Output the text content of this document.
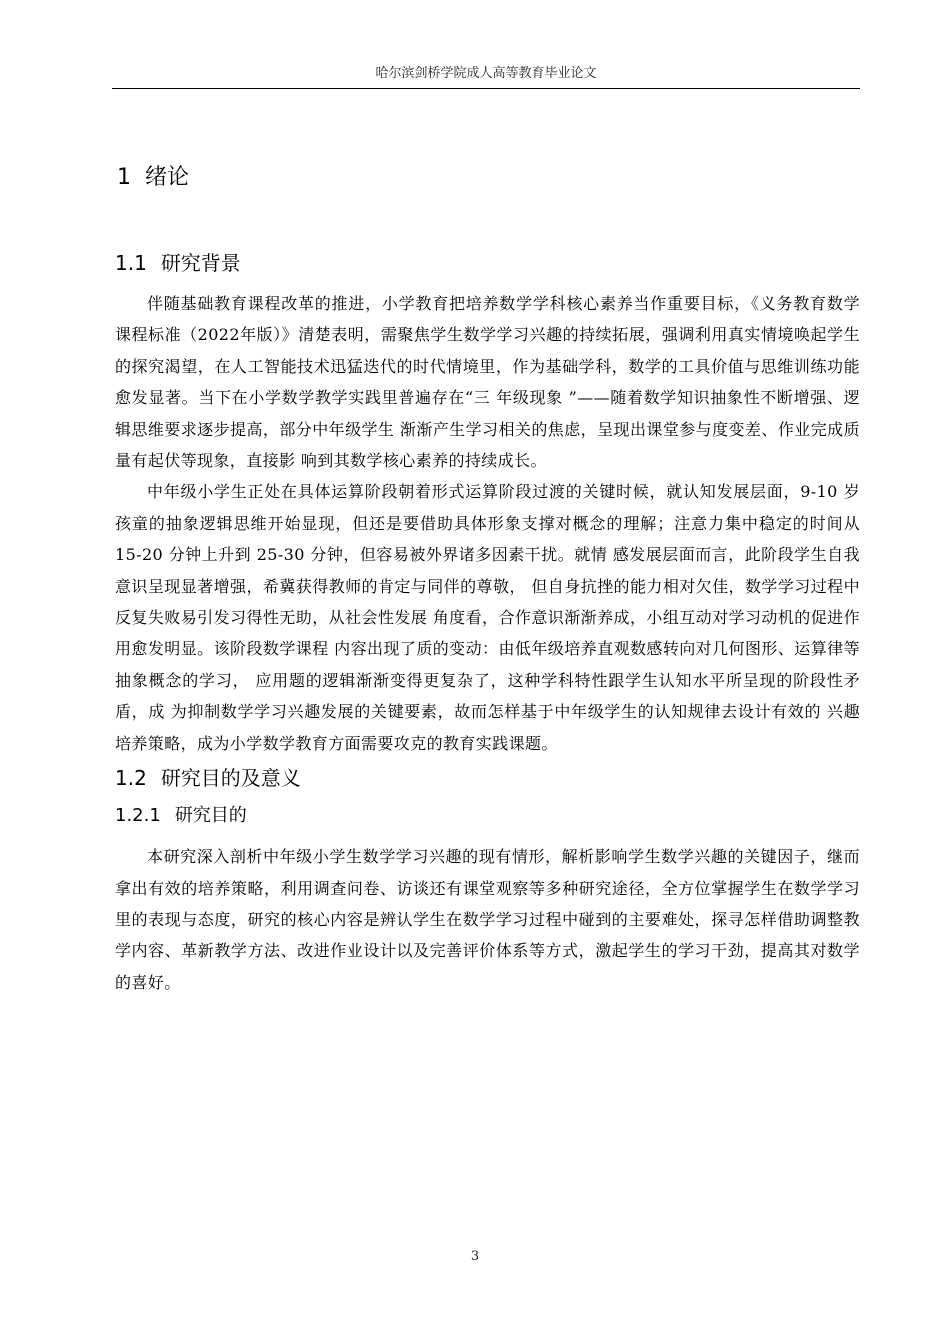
哈尔滨剑桥学院成人高等教育毕业论文
1 绪论
1.1 研究背景

伴随基础教育课程改革的推进，小学教育把培养数学学科核心素养当作重要目标，《义务教育数学课程标准（2022年版）》清楚表明，需聚焦学生数学学习兴趣的持续拓展，强调利用真实情境唤起学生的探究渴望，在人工智能技术迅猛迭代的时代情境里，作为基础学科，数学的工具价值与思维训练功能愈发显著。当下在小学数学教学实践里普遍存在“三 年级现象 ”——随着数学知识抽象性不断增强、逻辑思维要求逐步提高，部分中年级学生 渐渐产生学习相关的焦虑，呈现出课堂参与度变差、作业完成质量有起伏等现象，直接影 响到其数学核心素养的持续成长。

中年级小学生正处在具体运算阶段朝着形式运算阶段过渡的关键时候，就认知发展层面，9-10 岁孩童的抽象逻辑思维开始显现，但还是要借助具体形象支撑对概念的理解；注意力集中稳定的时间从 15-20 分钟上升到 25-30 分钟，但容易被外界诸多因素干扰。就情 感发展层面而言，此阶段学生自我意识呈现显著增强，希冀获得教师的肯定与同伴的尊敬， 但自身抗挫的能力相对欠佳，数学学习过程中反复失败易引发习得性无助，从社会性发展 角度看，合作意识渐渐养成，小组互动对学习动机的促进作用愈发明显。该阶段数学课程 内容出现了质的变动：由低年级培养直观数感转向对几何图形、运算律等抽象概念的学习， 应用题的逻辑渐渐变得更复杂了，这种学科特性跟学生认知水平所呈现的阶段性矛盾，成 为抑制数学学习兴趣发展的关键要素，故而怎样基于中年级学生的认知规律去设计有效的 兴趣培养策略，成为小学数学教育方面需要攻克的教育实践课题。

1.2 研究目的及意义
1.2.1 研究目的

本研究深入剖析中年级小学生数学学习兴趣的现有情形，解析影响学生数学兴趣的关键因子，继而拿出有效的培养策略，利用调查问卷、访谈还有课堂观察等多种研究途径，全方位掌握学生在数学学习里的表现与态度，研究的核心内容是辨认学生在数学学习过程中碰到的主要难处，探寻怎样借助调整教学内容、革新教学方法、改进作业设计以及完善评价体系等方式，激起学生的学习干劲，提高其对数学的喜好。

3
